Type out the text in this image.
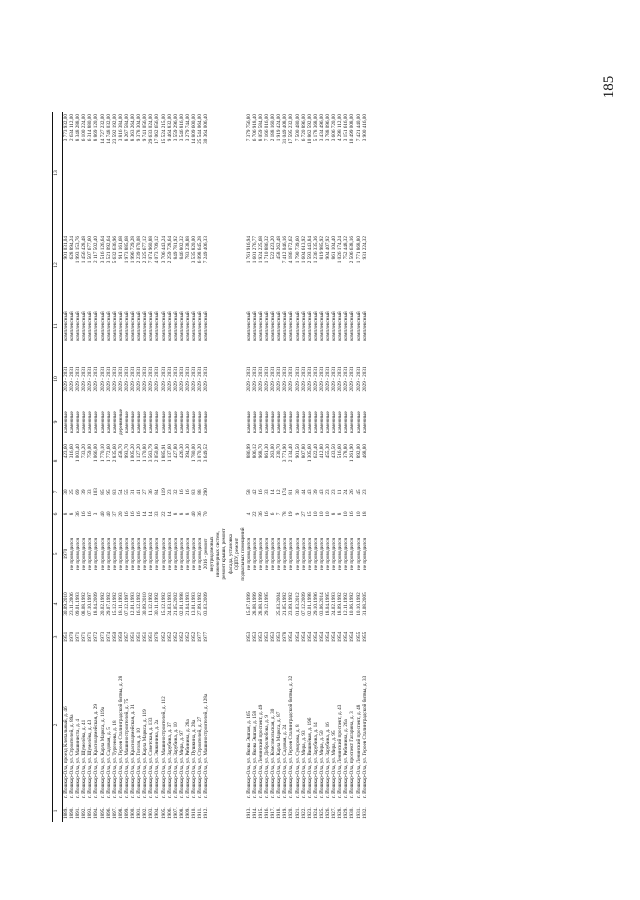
185
1	2	3	4	5	6	7	8	9	10	11	12	13
1889.	г. Йошкар-Ола, проезд Клепальный, д. 46	1951	30.09.2010	1970	8	30	423,60	каменные	2029 - 2031	комплексный	901 031,04	3 773 932,00
1890.	г. Йошкар-Ола, ул. Строителей, д. 89а	1970	23.11.2006	не проводился	8	25	316,60	каменные	2029 - 2031	комплексный	628 894,24	2 634 112,00
1891.	г. Йошкар-Ола, ул. Машиниста, д. 4	1971	09.01.1993	не проводился	36	69	1 003,40	каменные	2029 - 2031	комплексный	1 993 153,76	8 348 288,00
1892.	г. Йошкар-Ола, ул. Шумелёва, д. 41	1971	08.08.1992	не проводился	16	39	733,20	каменные	2029 - 2031	комплексный	1 456 428,48	6 100 224,00
1893.	г. Йошкар-Ола, ул. Шумелёва, д. 43	1971	07.10.1997	не проводился	16	33	759,00	каменные	2029 - 2031	комплексный	1 507 677,60	6 314 880,00
1894.	г. Йошкар-Ола, ул. Красноармейская, д. 29	1972	18.04.2009	не проводился	3	103	1 066,00	каменные	2029 - 2031	комплексный	2 117 502,40	8 869 120,00
1895.	г. Йошкар-Ола, ул. Карла Маркса, д. 119а	1973	20.02.1992	не проводился	40	85	1 770,10	каменные	2029 - 2031	комплексный	3 516 126,64	14 727 232,00
1896.	г. Йошкар-Ола, ул. Садовая, д. 5	1974	29.07.1992	не проводился	40	95	1 772,60	каменные	2029 - 2031	комплексный	3 521 092,64	14 748 032,00
1897.	г. Йошкар-Ола, ул. Тургенева, д. 18	1950	15.12.1992	не проводился	37	83	2 835,60	каменные	2029 - 2031	комплексный	5 632 636,96	23 592 192,00
1898.	г. Йошкар-Ола, ул. Героев Сталинградской битвы, д. 28	1950	18.11.1993	не проводился	20	54	458,70	деревянные	2029 - 2031	комплексный	911 161,68	3 816 384,00
1899.	г. Йошкар-Ола, ул. Машиностроителей, д. 75	1957	07.12.1997	не проводился	16	55	993,70	каменные	2029 - 2031	комплексный	1 973 885,68	8 267 584,00
1900.	г. Йошкар-Ола, ул. Красноармейская, д. 31	1951	12.01.1993	не проводился	16	31	1 005,20	каменные	2029 - 2031	комплексный	1 996 729,28	8 363 264,00
1901.	г. Йошкар-Ола, ул. Гоголя, д. 10	1951	16.12.1992	не проводился	16	41	1 127,20	каменные	2029 - 2031	комплексный	2 239 070,08	9 378 304,00
1902.	г. Йошкар-Ола, ул. Карла Маркса, д. 119	1951	30.09.2010	не проводился	14	27	1 170,80	каменные	2029 - 2031	комплексный	2 325 677,12	9 741 056,00
1903.	г. Йошкар-Ола, ул. Советская, д. 133	1951	11.12.1992	не проводился	14	36	3 563,79	каменные	2029 - 2031	комплексный	7 074 960,88	29 633 024,00
1904.	г. Йошкар-Ола, ул. Эшкинина, д. 2а	1976	30.11.1992	не проводился	33	84	2 050,80	каменные	2029 - 2031	комплексный	4 073 709,12	17 062 656,00
1905.	г. Йошкар-Ола, ул. Машиностроителей, д. 112	1952	15.12.1992	не проводился	22	119	1 885,91	каменные	2029 - 2031	комплексный	3 706 443,24	15 524 215,00
1906.	г. Йошкар-Ола, ул. Зарубина, д. 37	1952	24.03.1993	не проводился	14	23	1 137,60	каменные	2029 - 2031	комплексный	2 259 728,64	9 464 832,00
1907.	г. Йошкар-Ола, ул. Зарубина, д. 10	1952	21.05.2002	не проводился	8	32	427,80	каменные	2029 - 2031	комплексный	849 781,92	3 559 296,00
1908.	г. Йошкар-Ола, ул. Мира, д. 97	1952	02.01.1998	не проводился	8	16	426,30	каменные	2029 - 2031	комплексный	846 802,32	3 546 816,00
1909.	г. Йошкар-Ола, ул. Рябинина, д. 28а	1952	21.04.1993	не проводился	8	16	394,30	каменные	2029 - 2031	комплексный	783 238,88	3 279 744,00
1910.	г. Йошкар-Ола, ул. Пушкина, д. 28а	1952	13.01.1993	не проводился	40	83	1 780,00	каменные	2029 - 2031	комплексный	3 535 820,00	14 809 600,00
1911.	г. Йошкар-Ола, ул. Строителей, д. 27	1977	27.09.1992	не проводился	36	88	3 070,20	каменные	2029 - 2031	комплексный	6 098 645,28	25 544 064,00
1912.	г. Йошкар-Ола, ул. Машиностроителей, д. 128а	1977	03.03.2009	2016 - ремонт	70	290	3 649,52	каменные	2029 - 2031	комплексный	7 249 406,33	30 364 006,40
				внутридомовых инженерных систем, ремонт крыши, ремонт фасада, установка ОДПУ, ремонт подвальных помещений								
1913.	г. Йошкар-Ола, ул. Якова Эшпая, д. 165	1953	15.07.1999	не проводился	4	58	886,99	каменные	2029 - 2031	комплексный	1 761 916,94	7 379 756,80
1914.	г. Йошкар-Ола, ул. Якова Эшпая, д. 158	1953	28.08.1999	не проводился	22	42	806,12	каменные	2029 - 2031	комплексный	1 601 276,77	6 706 918,40
1915.	г. Йошкар-Ола, Ленинский проспект, д. 49	1953	28.08.1999	не проводился	36	16	968,70	каменные	2029 - 2031	комплексный	1 924 225,68	8 059 584,00
1916.	г. Йошкар-Ола, ул. Добролюбова, д. 9	1953	29.12.1995	не проводился	16	33	861,30	каменные	2029 - 2031	комплексный	1 710 886,32	7 166 016,00
1917.	г. Йошкар-Ола, ул. Комсомольская, д. 30	1953		не проводился	6	14	263,00	каменные	2029 - 2031	комплексный	522 423,20	2 188 160,00
1918.	г. Йошкар-Ола, ул. Карла Маркса, д. 87	1953	25.03.2004	не проводился	7	12	230,70	каменные	2029 - 2031	комплексный	458 262,48	1 919 424,00
1919.	г. Йошкар-Ола, ул. Садовая, д. 24	1978	21.05.1992	не проводился	78	174	3 771,90	каменные	2029 - 2031	комплексный	7 412 046,16	31 049 408,00
1920.	г. Йошкар-Ола, ул. Героев Сталинградской битвы, д. 32	1954	23.09.1992	не проводился	19	81	2 134,40	каменные	2029 - 2031	комплексный	4 186 072,62	17 595 232,00
1921.	г. Йошкар-Ола, ул. Суворова, д. 8	1954	01.03.2012	не проводился	9	30	901,50	каменные	2029 - 2031	комплексный	1 790 739,60	7 500 480,00
1922.	г. Йошкар-Ола, ул. Мира, д. 93	1954	07.12.2009	не проводился	27	44	807,80	каменные	2029 - 2031	комплексный	1 604 613,92	6 720 896,00
1923.	г. Йошкар-Ола, ул. Вишнёвая, д. 19б	1954	02.01.1998	не проводился	15	43	1 305,60	каменные	2029 - 2031	комплексный	2 593 443,84	10 862 592,00
1924.	г. Йошкар-Ола, ул. Зарубина, д. 14	1954	29.10.1996	не проводился	10	39	622,40	каменные	2029 - 2031	комплексный	1 236 335,36	5 178 368,00
1925.	г. Йошкар-Ола, ул. Мира, д. 50	1954	03.06.2014	не проводился	10	43	412,80	каменные	2029 - 2031	комплексный	819 985,92	3 434 496,00
1926.	г. Йошкар-Ола, ул. Зарубина, д. 16	1954	18.04.1995	не проводился	10	23	455,30	каменные	2029 - 2031	комплексный	904 407,92	3 788 096,00
1927.	г. Йошкар-Ола, ул. Мира, д. 95	1954	24.02.1993	не проводился	8	23	433,50	каменные	2029 - 2031	комплексный	861 104,40	3 606 720,00
1928.	г. Йошкар-Ола, Ленинский проспект, д. 43	1954	18.09.1992	не проводился	8	11	516,60	каменные	2029 - 2031	комплексный	1 026 174,24	4 298 112,00
1929.	г. Йошкар-Ола, ул. Рябинина, д. 26а	1954	12.11.1992	не проводился	10	24	378,80	каменные	2029 - 2031	комплексный	752 448,32	3 151 616,00
1930.	г. Йошкар-Ола, проспект Гагарина, д. 3	1954	10.06.1992	не проводился	16	26	1 261,90	каменные	2029 - 2031	комплексный	2 506 638,16	10 499 008,00
1931.	г. Йошкар-Ола, Ленинский проспект, д. 48	1955	10.10.1992	не проводился	10	45	892,00	каменные	2029 - 2031	комплексный	1 771 868,80	7 421 440,00
1932.	г. Йошкар-Ола, ул. Героев Сталинградской битвы, д. 33	1955	31.08.2005	не проводился	18	23	468,80	каменные	2029 - 2031	комплексный	931 224,32	3 900 416,00
